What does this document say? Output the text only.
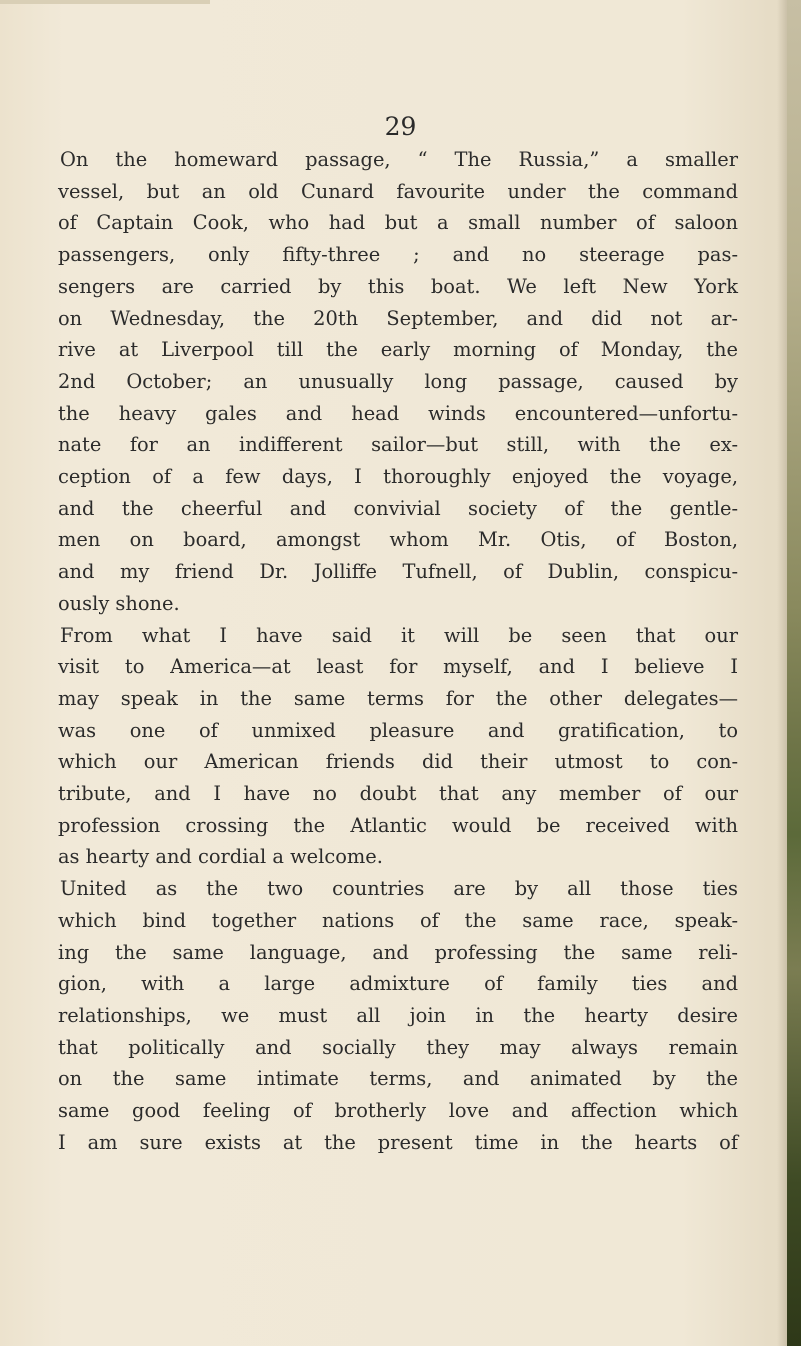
29
On the homeward passage, “ The Russia,” a smaller
vessel, but an old Cunard favourite under the command
of Captain Cook, who had but a small number of saloon
passengers, only fifty-three ; and no steerage pas-
sengers are carried by this boat. We left New York
on Wednesday, the 20th September, and did not ar-
rive at Liverpool till the early morning of Monday, the
2nd October; an unusually long passage, caused by
the heavy gales and head winds encountered—unfortu-
nate for an indifferent sailor—but still, with the ex-
ception of a few days, I thoroughly enjoyed the voyage,
and the cheerful and convivial society of the gentle-
men on board, amongst whom Mr. Otis, of Boston,
and my friend Dr. Jolliffe Tufnell, of Dublin, conspicu-
ously shone.
From what I have said it will be seen that our
visit to America—at least for myself, and I believe I
may speak in the same terms for the other delegates—
was one of unmixed pleasure and gratification, to
which our American friends did their utmost to con-
tribute, and I have no doubt that any member of our
profession crossing the Atlantic would be received with
as hearty and cordial a welcome.
United as the two countries are by all those ties
which bind together nations of the same race, speak-
ing the same language, and professing the same reli-
gion, with a large admixture of family ties and
relationships, we must all join in the hearty desire
that politically and socially they may always remain
on the same intimate terms, and animated by the
same good feeling of brotherly love and affection which
I am sure exists at the present time in the hearts of
